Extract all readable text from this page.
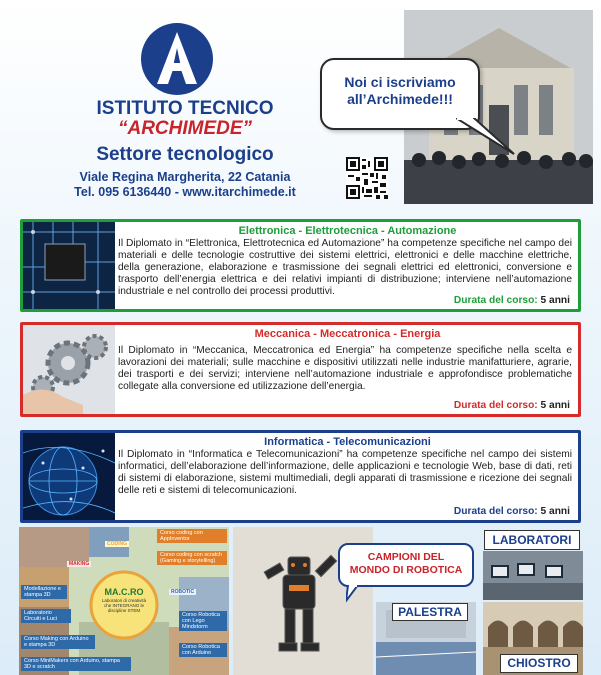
ISTITUTO TECNICO
“ARCHIMEDE”
Settore tecnologico
Viale Regina Margherita, 22 Catania
Tel. 095 6136440 - www.itarchimede.it
Noi ci iscriviamo
all’Archimede!!!
Elettronica - Elettrotecnica - Automazione
Il Diplomato in “Elettronica, Elettrotecnica ed Automazione” ha competenze specifiche nel campo dei materiali e delle tecnologie costruttive dei sistemi elettrici, elettronici e delle macchine elettriche, della generazione, elaborazione e trasmissione dei segnali elettrici ed elettronici, conversione e trasporto dell’energia elettrica e dei relativi impianti di distribuzione; interviene nell’automazione industriale e nel controllo dei processi produttivi.
Durata del corso: 5 anni
Meccanica - Meccatronica - Energia
Il Diplomato in “Meccanica, Meccatronica ed Energia” ha competenze specifiche nella scelta e lavorazioni dei materiali; sulle macchine e dispositivi utilizzati nelle industrie manifatturiere, agrarie, dei trasporti e dei servizi; interviene nell’automazione industriale e approfondisce problematiche collegate alla conversione ed utilizzazione dell’energia.
Durata del corso: 5 anni
Informatica - Telecomunicazioni
Il Diplomato in “Informatica e Telecomunicazioni” ha competenze specifiche nel campo dei sistemi informatici, dell’elaborazione dell’informazione, delle applicazioni e tecnologie Web, base di dati, reti di sistemi di elaborazione, sistemi multimediali, degli apparati di trasmissione e ricezione dei segnali delle reti e sistemi di telecomunicazioni.
Durata del corso: 5 anni
MA.C.RO
Laboratori di creatività che INTEGRANO le discipline STEM
CODING
Corso coding con AppInventor
MAKING
Corso coding con scratch (Gaming e storytelling)
Modellazione e stampa 3D	ROBOTIC
Laboratorio Circuiti e Luci
Corso Robotica con Lego Mindstorm
Corso Making con Arduino e stampa 3D	Corso Robotica con Arduino
Corso MiniMakers con Arduino, stampa 3D e scratch
CAMPIONI DEL
MONDO DI ROBOTICA
PALESTRA
LABORATORI
CHIOSTRO
